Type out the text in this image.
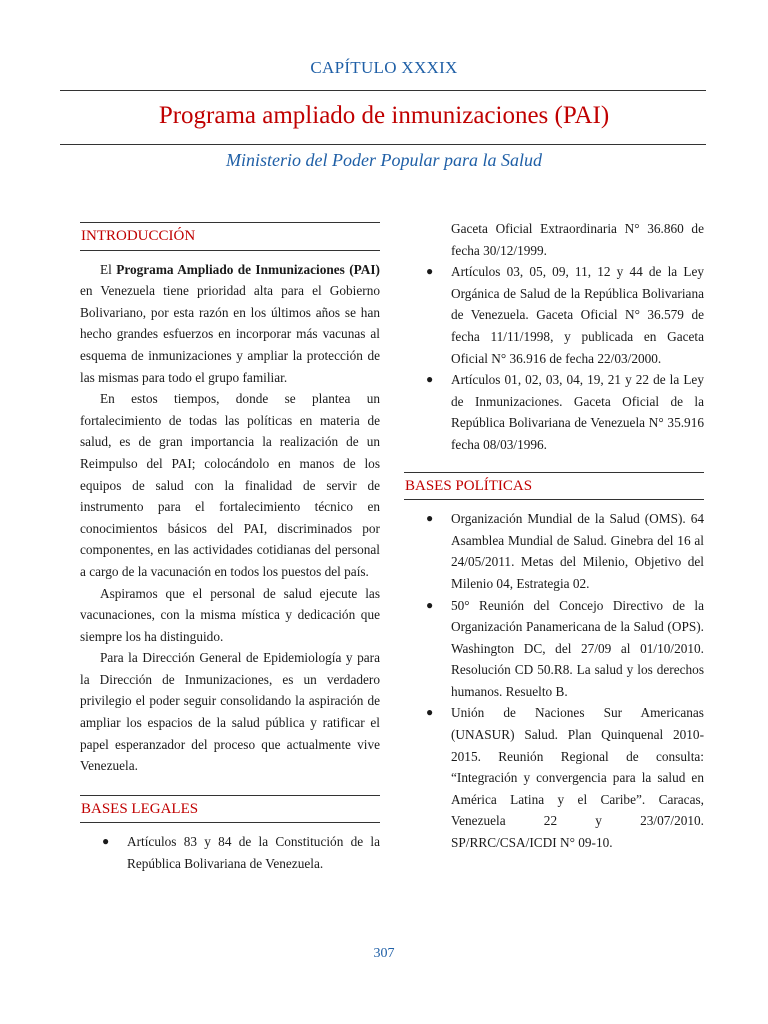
CAPÍTULO XXXIX
Programa ampliado de inmunizaciones (PAI)
Ministerio del Poder Popular para la Salud
INTRODUCCIÓN

El Programa Ampliado de Inmunizaciones (PAI) en Venezuela tiene prioridad alta para el Gobierno Bolivariano, por esta razón en los últimos años se han hecho grandes esfuerzos en incorporar más vacunas al esquema de inmunizaciones y ampliar la protección de las mismas para todo el grupo familiar.

En estos tiempos, donde se plantea un fortalecimiento de todas las políticas en materia de salud, es de gran importancia la realización de un Reimpulso del PAI; colocándolo en manos de los equipos de salud con la finalidad de servir de instrumento para el fortalecimiento técnico en conocimientos básicos del PAI, discriminados por componentes, en las actividades cotidianas del personal a cargo de la vacunación en todos los puestos del país.

Aspiramos que el personal de salud ejecute las vacunaciones, con la misma mística y dedicación que siempre los ha distinguido.

Para la Dirección General de Epidemiología y para la Dirección de Inmunizaciones, es un verdadero privilegio el poder seguir consolidando la aspiración de ampliar los espacios de la salud pública y ratificar el papel esperanzador del proceso que actualmente vive Venezuela.

BASES LEGALES
● Artículos 83 y 84 de la Constitución de la República Bolivariana de Venezuela.
Gaceta Oficial Extraordinaria N° 36.860 de fecha 30/12/1999.
● Artículos 03, 05, 09, 11, 12 y 44 de la Ley Orgánica de Salud de la República Bolivariana de Venezuela. Gaceta Oficial N° 36.579 de fecha 11/11/1998, y publicada en Gaceta Oficial N° 36.916 de fecha 22/03/2000.
● Artículos 01, 02, 03, 04, 19, 21 y 22 de la Ley de Inmunizaciones. Gaceta Oficial de la República Bolivariana de Venezuela N° 35.916 fecha 08/03/1996.
BASES POLÍTICAS
● Organización Mundial de la Salud (OMS). 64 Asamblea Mundial de Salud. Ginebra del 16 al 24/05/2011. Metas del Milenio, Objetivo del Milenio 04, Estrategia 02.
● 50° Reunión del Concejo Directivo de la Organización Panamericana de la Salud (OPS). Washington DC, del 27/09 al 01/10/2010. Resolución CD 50.R8. La salud y los derechos humanos. Resuelto B.
● Unión de Naciones Sur Americanas (UNASUR) Salud. Plan Quinquenal 2010-2015. Reunión Regional de consulta: “Integración y convergencia para la salud en América Latina y el Caribe”. Caracas, Venezuela 22 y 23/07/2010. SP/RRC/CSA/ICDI N° 09-10.
307
